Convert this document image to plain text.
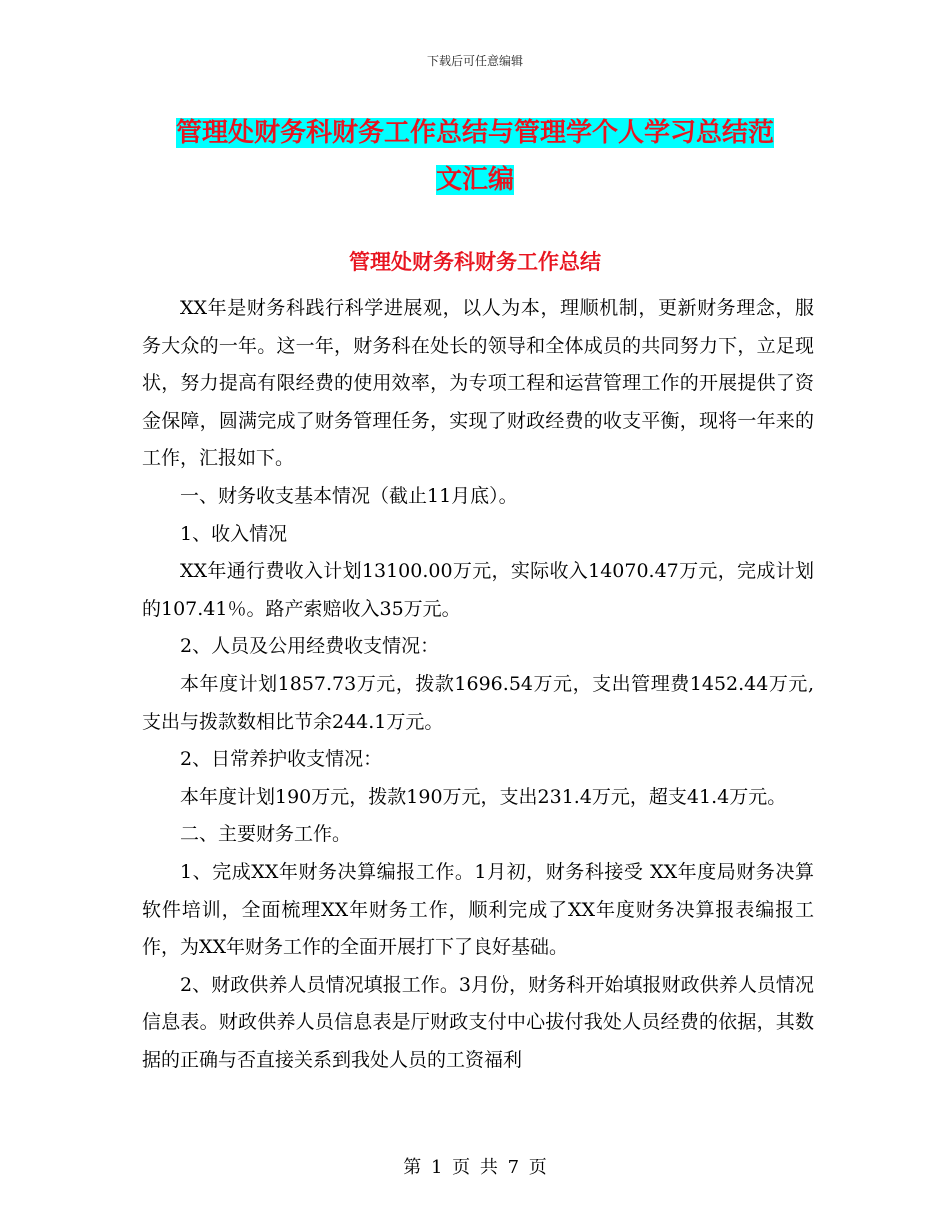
下载后可任意编辑
管理处财务科财务工作总结与管理学个人学习总结范
文汇编
管理处财务科财务工作总结

XX年是财务科践行科学进展观，以人为本，理顺机制，更新财务理念，服务大众的一年。这一年，财务科在处长的领导和全体成员的共同努力下，立足现状，努力提高有限经费的使用效率，为专项工程和运营管理工作的开展提供了资金保障，圆满完成了财务管理任务，实现了财政经费的收支平衡，现将一年来的工作，汇报如下。

一、财务收支基本情况（截止11月底）。

1、收入情况

XX年通行费收入计划13100.00万元，实际收入14070.47万元，完成计划的107.41％。路产索赔收入35万元。

2、人员及公用经费收支情况：

本年度计划1857.73万元，拨款1696.54万元，支出管理费1452.44万元,支出与拨款数相比节余244.1万元。

2、日常养护收支情况：

本年度计划190万元，拨款190万元，支出231.4万元，超支41.4万元。

二、主要财务工作。

1、完成XX年财务决算编报工作。1月初，财务科接受 XX年度局财务决算软件培训，全面梳理XX年财务工作，顺利完成了XX年度财务决算报表编报工作，为XX年财务工作的全面开展打下了良好基础。

2、财政供养人员情况填报工作。3月份，财务科开始填报财政供养人员情况信息表。财政供养人员信息表是厅财政支付中心拔付我处人员经费的依据，其数据的正确与否直接关系到我处人员的工资福利

第 1 页 共 7 页
